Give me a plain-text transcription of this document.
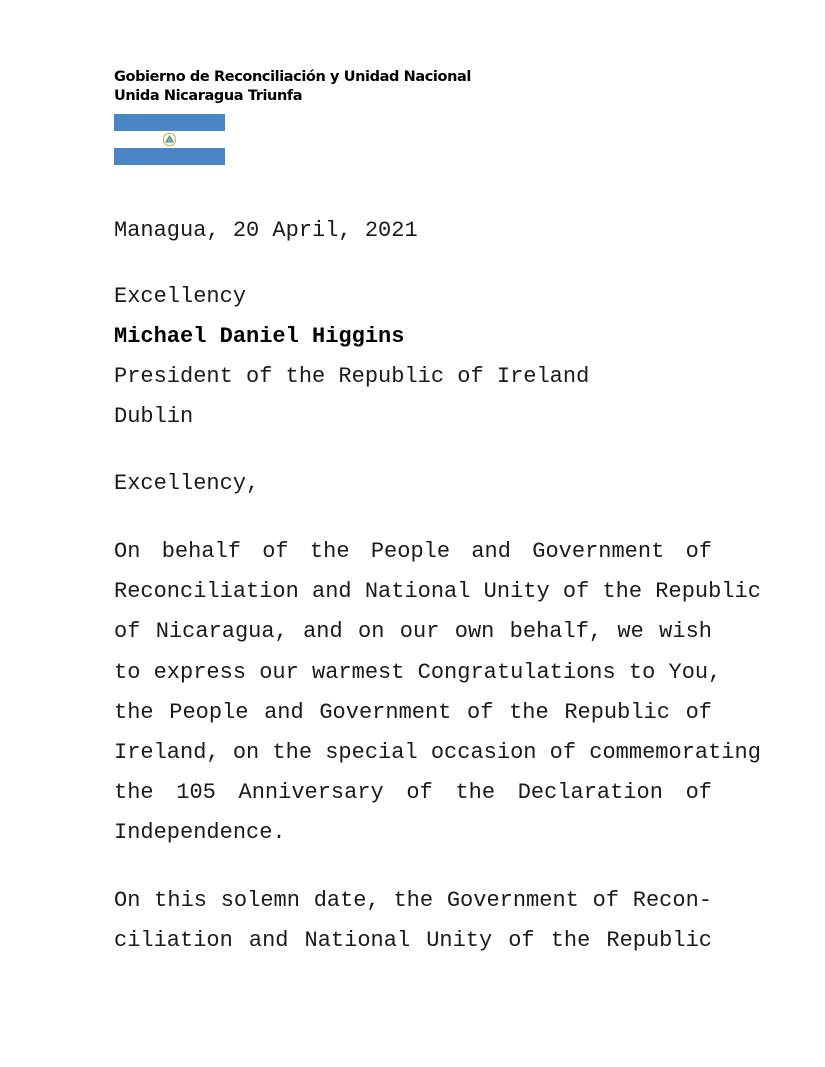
Gobierno de Reconciliación y Unidad Nacional
Unida Nicaragua Triunfa
Managua, 20 April, 2021
Excellency
Michael Daniel Higgins
President of the Republic of Ireland
Dublin
Excellency,
On behalf of the People and Government of
Reconciliation and National Unity of the Republic
of Nicaragua, and on our own behalf, we wish
to express our warmest Congratulations to You,
the People and Government of the Republic of
Ireland, on the special occasion of commemorating
the 105 Anniversary of the Declaration of
Independence.
On this solemn date, the Government of Recon-
ciliation and National Unity of the Republic
